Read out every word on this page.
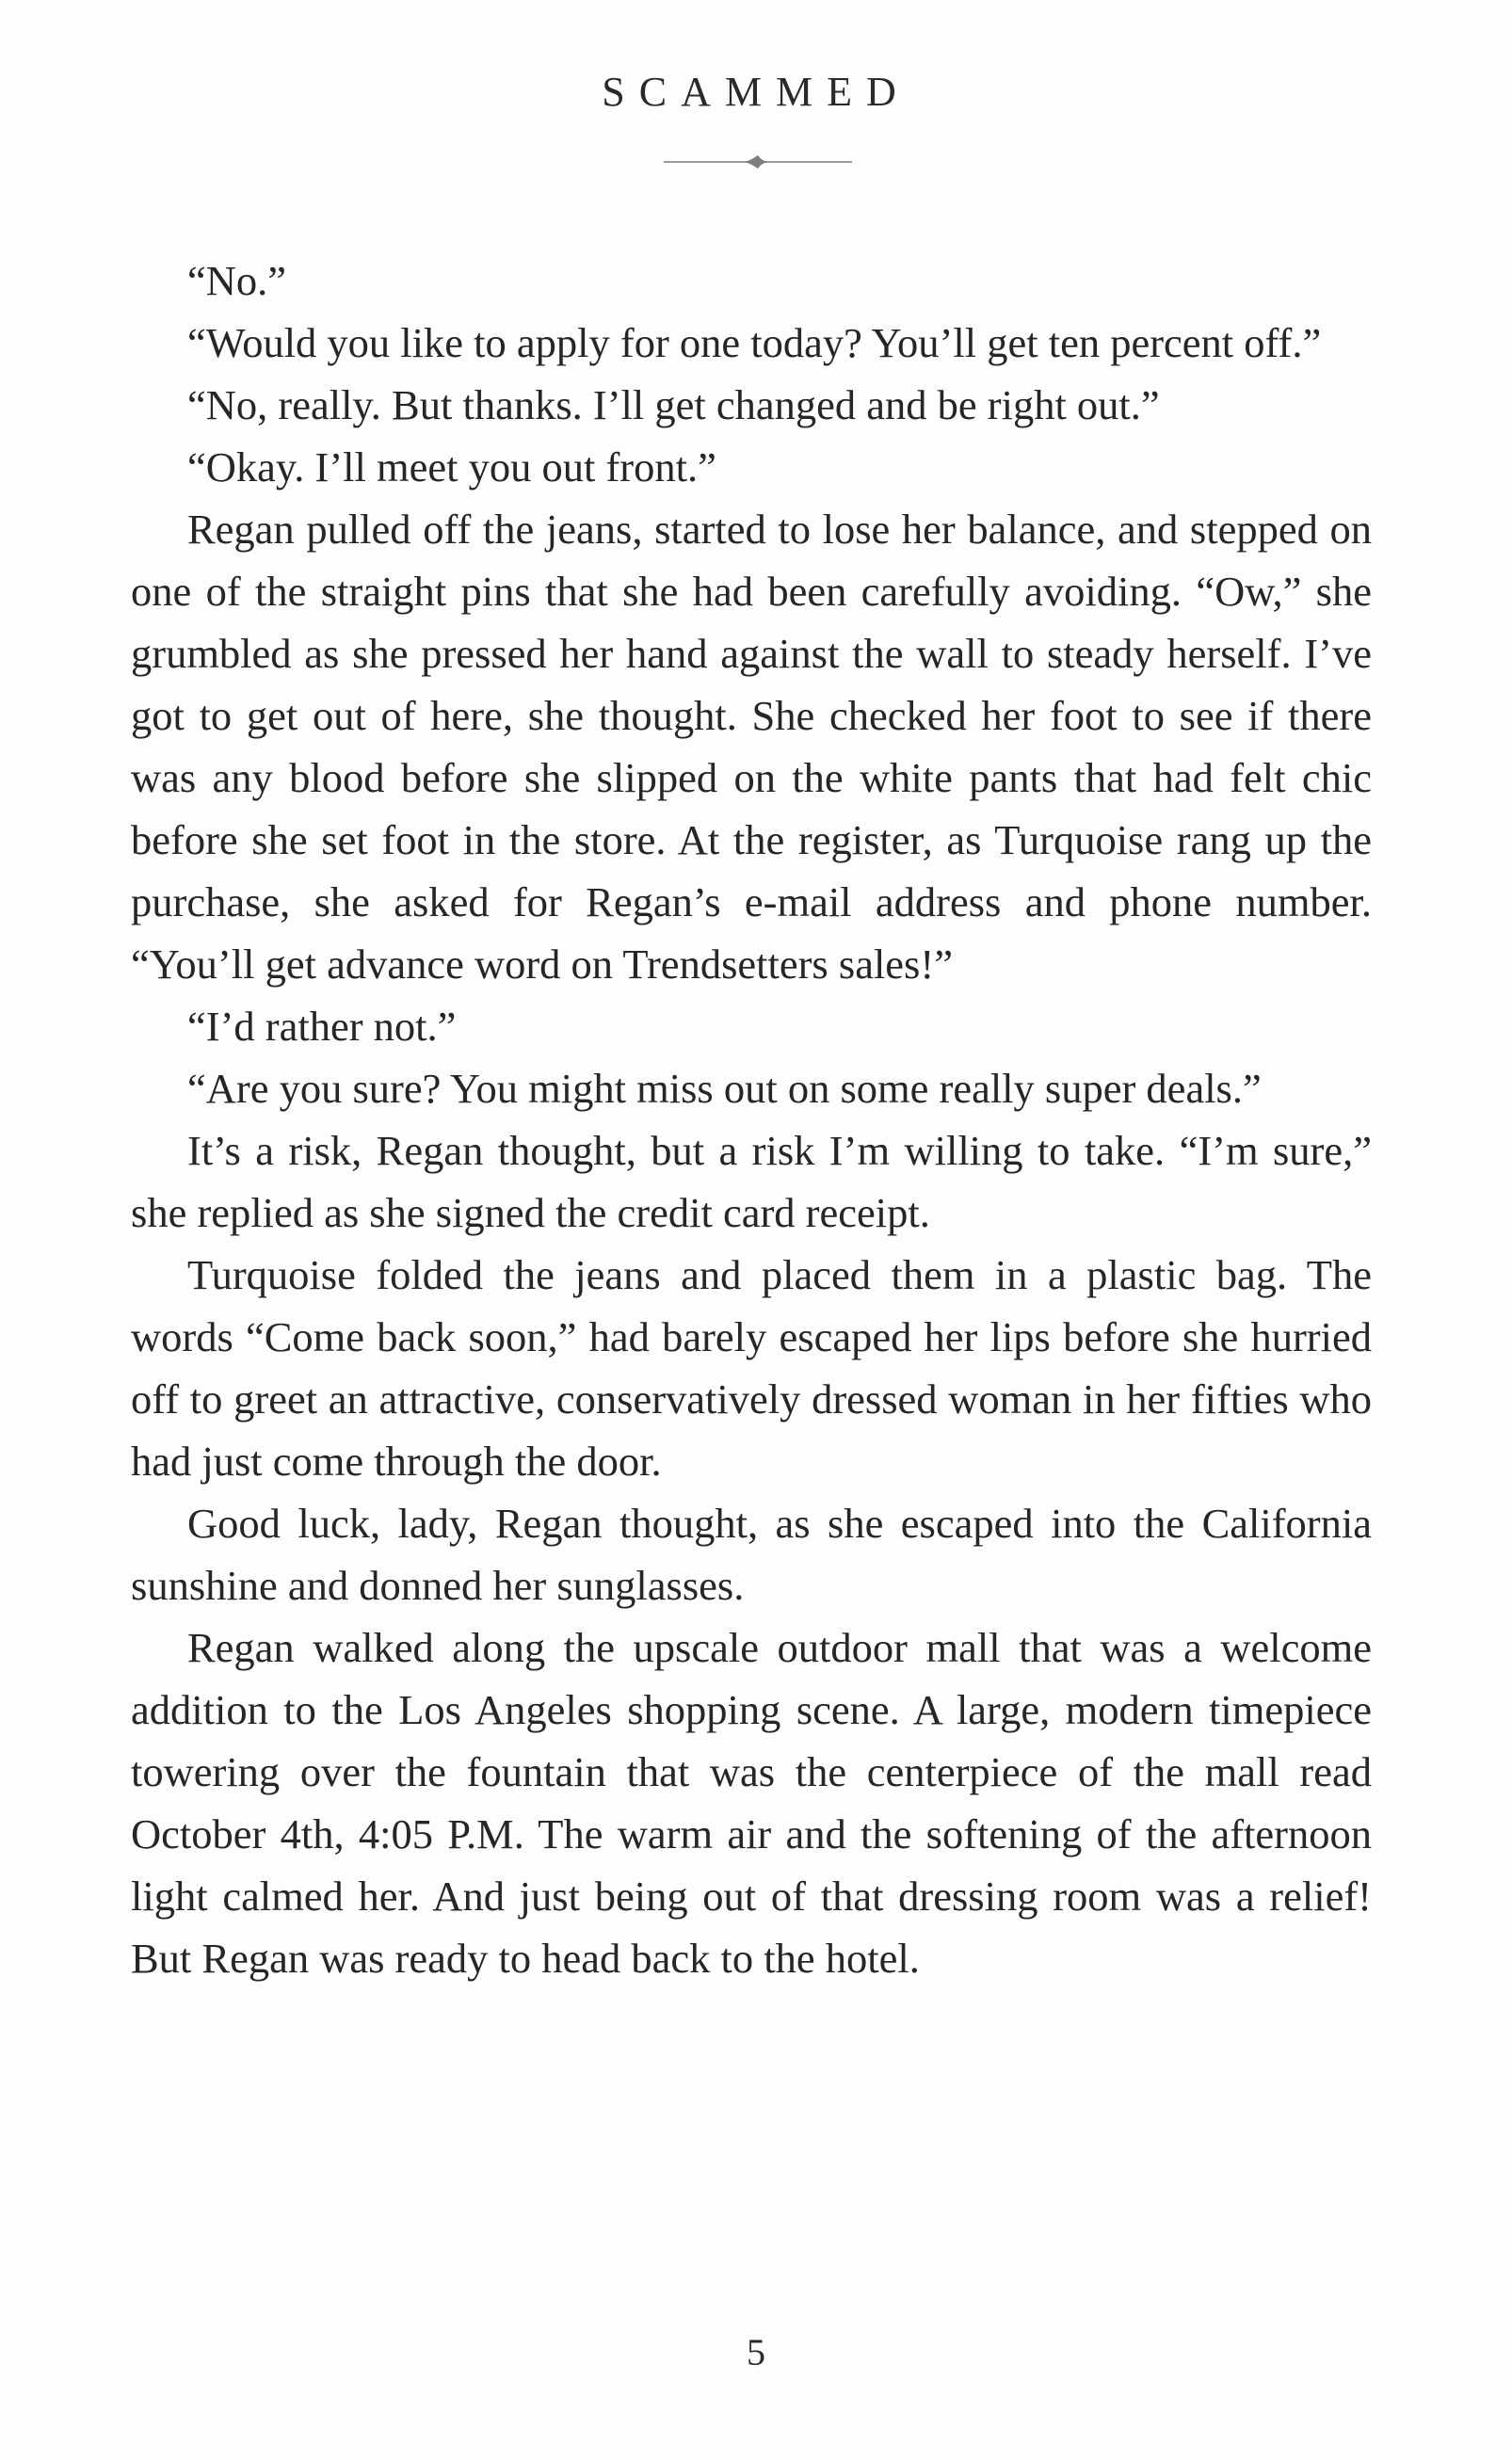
SCAMMED

“No.”

“Would you like to apply for one today? You’ll get ten percent off.”

“No, really. But thanks. I’ll get changed and be right out.”

“Okay. I’ll meet you out front.”

Regan pulled off the jeans, started to lose her balance, and stepped on one of the straight pins that she had been carefully avoiding. “Ow,” she grumbled as she pressed her hand against the wall to steady herself. I’ve got to get out of here, she thought. She checked her foot to see if there was any blood before she slipped on the white pants that had felt chic before she set foot in the store. At the register, as Turquoise rang up the purchase, she asked for Regan’s e-mail address and phone number. “You’ll get advance word on Trendsetters sales!”

“I’d rather not.”

“Are you sure? You might miss out on some really super deals.”

It’s a risk, Regan thought, but a risk I’m willing to take. “I’m sure,” she replied as she signed the credit card receipt.

Turquoise folded the jeans and placed them in a plastic bag. The words “Come back soon,” had barely escaped her lips before she hurried off to greet an attractive, conservatively dressed woman in her fifties who had just come through the door.

Good luck, lady, Regan thought, as she escaped into the California sunshine and donned her sunglasses.

Regan walked along the upscale outdoor mall that was a welcome addition to the Los Angeles shopping scene. A large, modern timepiece towering over the fountain that was the centerpiece of the mall read October 4th, 4:05 P.M. The warm air and the softening of the afternoon light calmed her. And just being out of that dressing room was a relief! But Regan was ready to head back to the hotel.

5
